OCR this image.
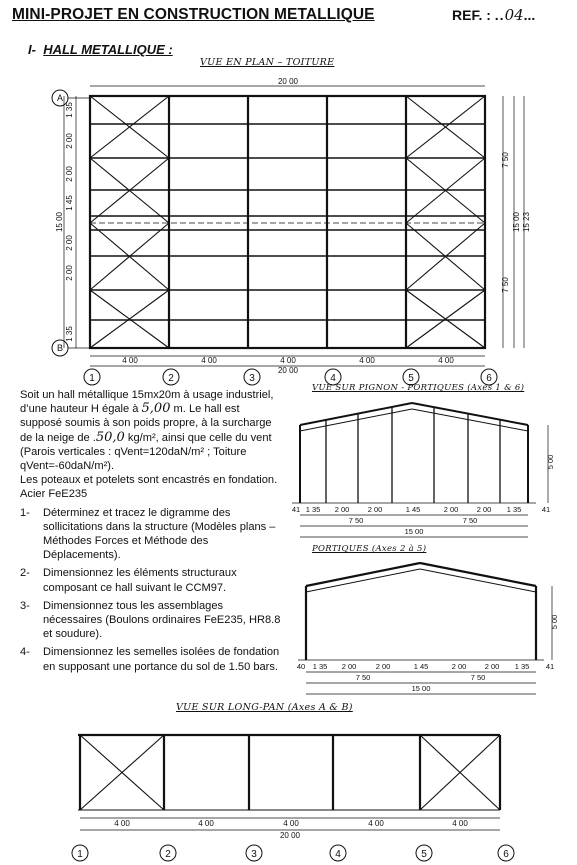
MINI-PROJET EN CONSTRUCTION METALLIQUE	REF. : ..04...
I- HALL METALLIQUE :
VUE EN PLAN – TOITURE
20 00
A
B
1	2	3	4	5	6
4 00	4 00	4 00	4 00	4 00
20 00
7 50
7 50
15 00 15 23
1 35
2 00
2 00
1 45
2 00
2 00
1 35
15 00
5 00
41 1 35 2 00 2 00	1 45	2 00 2 00 1 35	41
7 50	7 50
15 00
5 00
40 1 35 2 00	2 00	1 45	2 00 2 00 1 35 41
7 50	7 50
15 00
4 00	4 00	4 00	4 00	4 00
20 00
1	2	3	4	5	6
VUE SUR PIGNON - PORTIQUES (Axes 1 & 6)
PORTIQUES (Axes 2 à 5)
VUE SUR LONG-PAN (Axes A & B)

Soit un hall métallique 15mx20m à usage industriel, d’une hauteur H égale à 5,00 m. Le hall est supposé soumis à son poids propre, à la surcharge de la neige de .50,0 kg/m², ainsi que celle du vent

(Parois verticales : qVent=120daN/m² ; Toiture qVent=-60daN/m²).

Les poteaux et potelets sont encastrés en fondation. Acier FeE235

1- Déterminez et tracez le digramme des sollicitations dans la structure (Modèles plans – Méthodes Forces et Méthode des Déplacements).
2- Dimensionnez les éléments structuraux composant ce hall suivant le CCM97.
3- Dimensionnez tous les assemblages nécessaires (Boulons ordinaires FeE235, HR8.8 et soudure).
4- Dimensionnez les semelles isolées de fondation en supposant une portance du sol de 1.50 bars.
